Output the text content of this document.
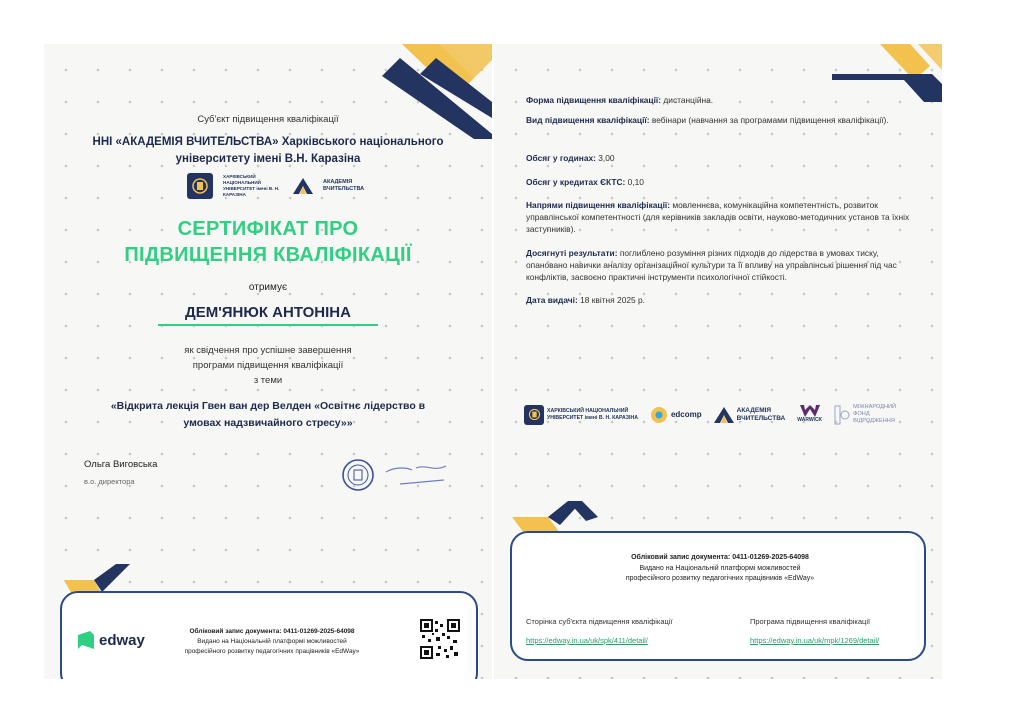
Суб'єкт підвищення кваліфікації
ННІ «АКАДЕМІЯ ВЧИТЕЛЬСТВА» Харківського національного
університету імені В.Н. Каразіна
ХАРКІВСЬКИЙ НАЦІОНАЛЬНИЙ
УНІВЕРСИТЕТ імені В. Н. КАРАЗІНА
АКАДЕМІЯ
ВЧИТЕЛЬСТВА
СЕРТИФІКАТ ПРО
ПІДВИЩЕННЯ КВАЛІФІКАЦІЇ
отримує
ДЕМ'ЯНЮК АНТОНІНА
як свідчення про успішне завершення
програми підвищення кваліфікації
з теми
«Відкрита лекція Гвен ван дер Велден «Освітнє лідерство в
умовах надзвичайного стресу»»
Ольга Виговська
в.о. директора
edway	Обліковий запис документа: 0411-01269-2025-64098
Видано на Національній платформі можливостей
професійного розвитку педагогічних працівників «EdWay»
Форма підвищення кваліфікації: дистанційна.
Вид підвищення кваліфікації: вебінари (навчання за програмами підвищення кваліфікації).
Обсяг у годинах: 3,00
Обсяг у кредитах ЄКТС: 0,10
Напрями підвищення кваліфікації: мовленнєва, комунікаційна компетентність, розвиток управлінської компетентності (для керівників закладів освіти, науково-методичних установ та їхніх заступників).
Досягнуті результати: поглиблено розуміння різних підходів до лідерства в умовах тиску, опановано навички аналізу організаційної культури та її впливу на управлінські рішення під час конфліктів, засвоєно практичні інструменти психологічної стійкості.
Дата видачі: 18 квітня 2025 р.
ХАРКІВСЬКИЙ НАЦІОНАЛЬНИЙ
УНІВЕРСИТЕТ імені В. Н. КАРАЗІНА	edcomp	АКАДЕМІЯ
ВЧИТЕЛЬСТВА WARWICK
МІЖНАРОДНИЙ
ФОНД
ВІДРОДЖЕННЯ
Обліковий запис документа: 0411-01269-2025-64098
Видано на Національній платформі можливостей
професійного розвитку педагогічних працівників «EdWay»
Сторінка суб'єкта підвищення кваліфікації
https://edway.in.ua/uk/spk/411/detail/
Програма підвищення кваліфікації
https://edway.in.ua/uk/mpk/1269/detail/
